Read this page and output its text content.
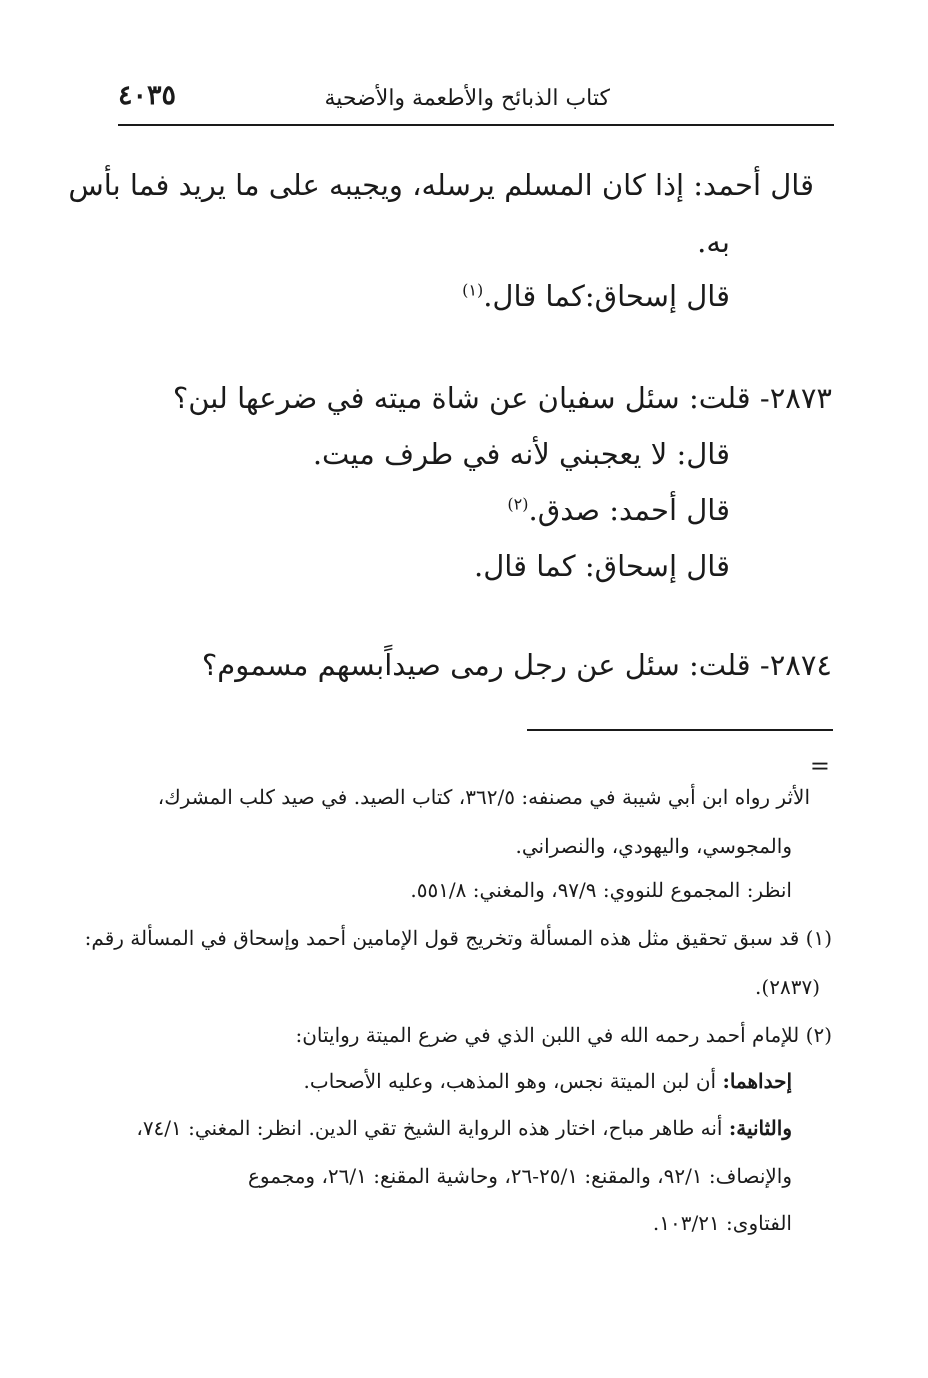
كتاب الذبائح والأطعمة والأضحية
٤٠٣٥
قال أحمد: إذا كان المسلم يرسله، ويجيبه على ما يريد فما بأس
به.
قال إسحاق:كما قال.$^{(١)}$
٢٨٧٣- قلت: سئل سفيان عن شاة ميته في ضرعها لبن؟
قال: لا يعجبني لأنه في طرف ميت.
قال أحمد: صدق.$^{(٢)}$
قال إسحاق: كما قال.
٢٨٧٤- قلت: سئل عن رجل رمى صيداًبسهم مسموم؟
=
الأثر رواه ابن أبي شيبة في مصنفه: ٣٦٢/٥، كتاب الصيد. في صيد كلب المشرك،
والمجوسي، واليهودي، والنصراني.
انظر: المجموع للنووي: ٩٧/٩، والمغني: ٥٥١/٨.
(١) قد سبق تحقيق مثل هذه المسألة وتخريج قول الإمامين أحمد وإسحاق في المسألة رقم:
(٢٨٣٧).
(٢) للإمام أحمد رحمه الله في اللبن الذي في ضرع الميتة روايتان:
إحداهما: أن لبن الميتة نجس، وهو المذهب، وعليه الأصحاب.
والثانية: أنه طاهر مباح، اختار هذه الرواية الشيخ تقي الدين. انظر: المغني: ٧٤/١،
والإنصاف: ٩٢/١، والمقنع: ٢٥/١-٢٦، وحاشية المقنع: ٢٦/١، ومجموع
الفتاوى: ١٠٣/٢١.
